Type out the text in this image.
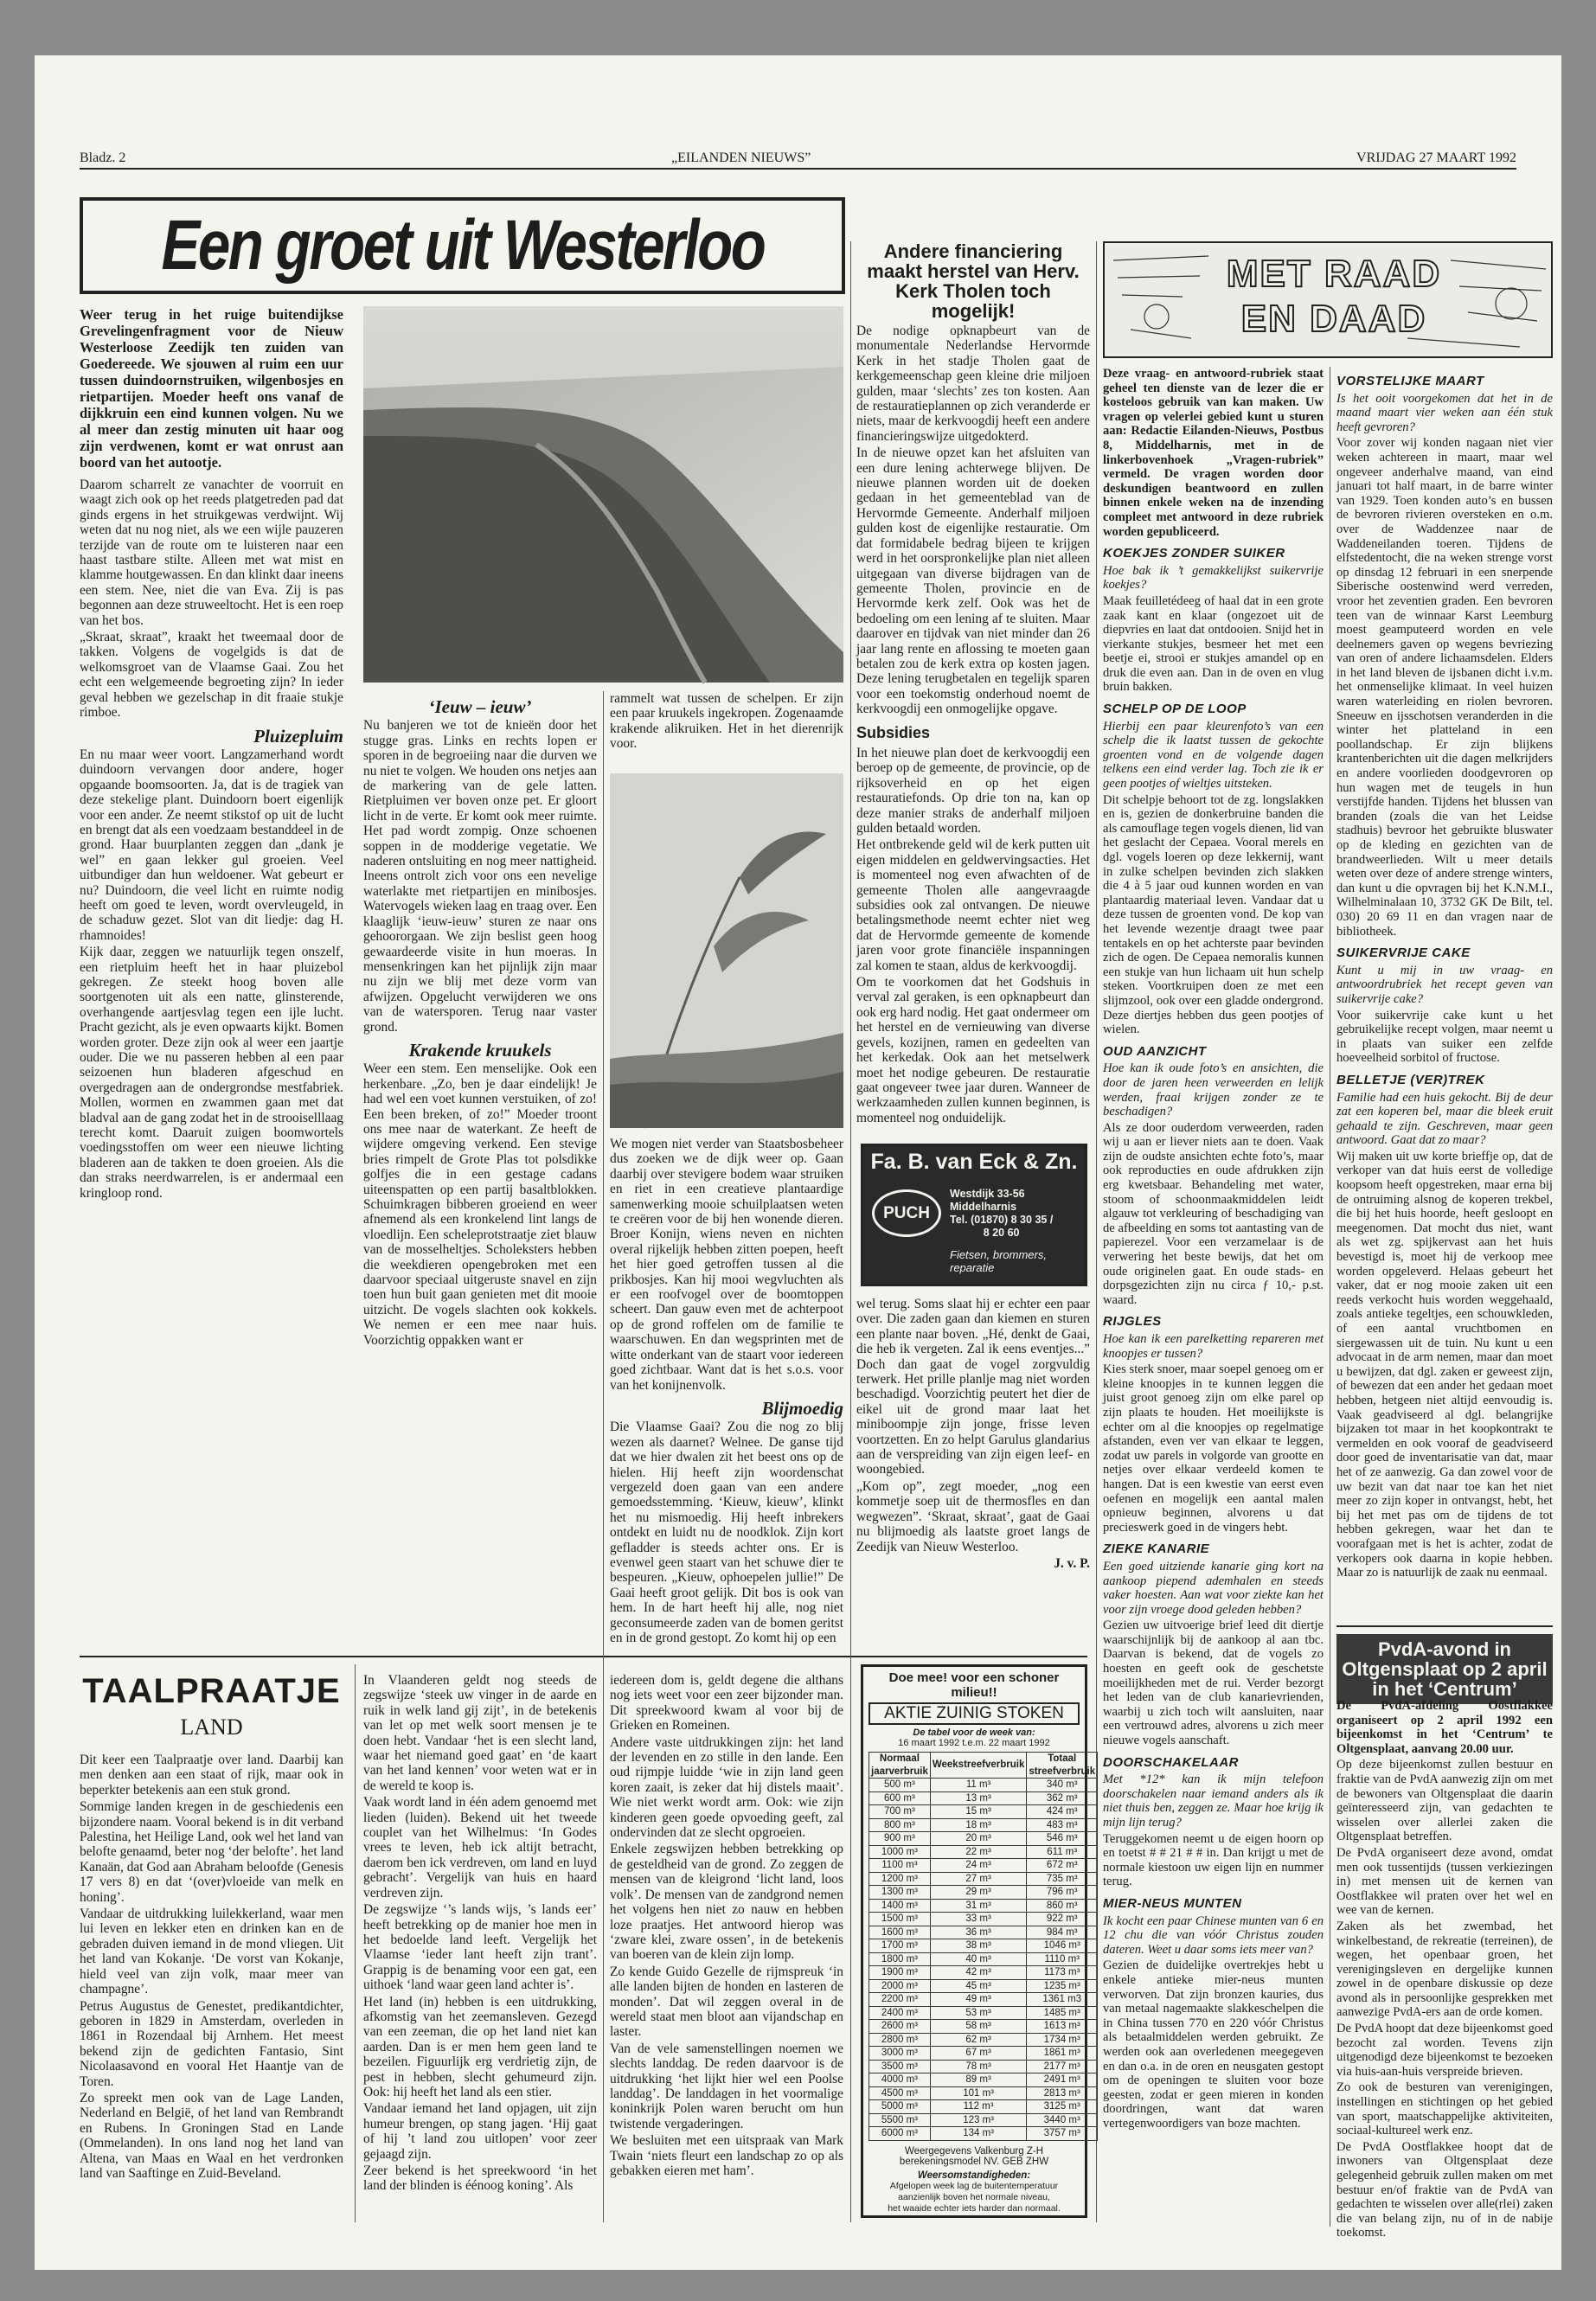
Bladz. 2	„EILANDEN NIEUWS”	VRIJDAG 27 MAART 1992
Een groet uit Westerloo

Weer terug in het ruige buitendijkse Grevelingenfragment voor de Nieuw Westerloose Zeedijk ten zuiden van Goedereede. We sjouwen al ruim een uur tussen duindoornstruiken, wilgenbosjes en rietpartijen. Moeder heeft ons vanaf de dijkkruin een eind kunnen volgen. Nu we al meer dan zestig minuten uit haar oog zijn verdwenen, komt er wat onrust aan boord van het autootje.

Daarom scharrelt ze vanachter de voorruit en waagt zich ook op het reeds platgetreden pad dat ginds ergens in het struikgewas verdwijnt. Wij weten dat nu nog niet, als we een wijle pauzeren terzijde van de route om te luisteren naar een haast tastbare stilte. Alleen met wat mist en klamme houtgewassen. En dan klinkt daar ineens een stem. Nee, niet die van Eva. Zij is pas begonnen aan deze struweeltocht. Het is een roep van het bos.

„Skraat, skraat”, kraakt het tweemaal door de takken. Volgens de vogelgids is dat de welkomsgroet van de Vlaamse Gaai. Zou het echt een welgemeende begroeting zijn? In ieder geval hebben we gezelschap in dit fraaie stukje rimboe.

Pluizepluim

En nu maar weer voort. Langzamerhand wordt duindoorn vervangen door andere, hoger opgaande boomsoorten. Ja, dat is de tragiek van deze stekelige plant. Duindoorn boert eigenlijk voor een ander. Ze neemt stikstof op uit de lucht en brengt dat als een voedzaam bestanddeel in de grond. Haar buurplanten zeggen dan „dank je wel” en gaan lekker gul groeien. Veel uitbundiger dan hun weldoener. Wat gebeurt er nu? Duindoorn, die veel licht en ruimte nodig heeft om goed te leven, wordt overvleugeld, in de schaduw gezet. Slot van dit liedje: dag H. rhamnoides!

Kijk daar, zeggen we natuurlijk tegen onszelf, een rietpluim heeft het in haar pluizebol gekregen. Ze steekt hoog boven alle soortgenoten uit als een natte, glinsterende, overhangende aartjesvlag tegen een ijle lucht. Pracht gezicht, als je even opwaarts kijkt. Bomen worden groter. Deze zijn ook al weer een jaartje ouder. Die we nu passeren hebben al een paar seizoenen hun bladeren afgeschud en overgedragen aan de ondergrondse mestfabriek. Mollen, wormen en zwammen gaan met dat bladval aan de gang zodat het in de strooiselllaag terecht komt. Daaruit zuigen boomwortels voedingsstoffen om weer een nieuwe lichting bladeren aan de takken te doen groeien. Als die dan straks neerdwarrelen, is er andermaal een kringloop rond.

‘Ieuw – ieuw’

Nu banjeren we tot de knieën door het stugge gras. Links en rechts lopen er sporen in de begroeiing naar die durven we nu niet te volgen. We houden ons netjes aan de markering van de gele latten. Rietpluimen ver boven onze pet. Er gloort licht in de verte. Er komt ook meer ruimte. Het pad wordt zompig. Onze schoenen soppen in de modderige vegetatie. We naderen ontsluiting en nog meer nattigheid. Ineens ontrolt zich voor ons een nevelige waterlakte met rietpartijen en minibosjes. Watervogels wieken laag en traag over. Een klaaglijk ‘ieuw-ieuw’ sturen ze naar ons gehoororgaan. We zijn beslist geen hoog gewaardeerde visite in hun moeras. In mensenkringen kan het pijnlijk zijn maar nu zijn we blij met deze vorm van afwijzen. Opgelucht verwijderen we ons van de watersporen. Terug naar vaster grond.

Krakende kruukels

Weer een stem. Een menselijke. Ook een herkenbare. „Zo, ben je daar eindelijk! Je had wel een voet kunnen verstuiken, of zo! Een been breken, of zo!” Moeder troont ons mee naar de waterkant. Ze heeft de wijdere omgeving verkend. Een stevige bries rimpelt de Grote Plas tot polsdikke golfjes die in een gestage cadans uiteenspatten op een partij basaltblokken. Schuimkragen bibberen groeiend en weer afnemend als een kronkelend lint langs de vloedlijn. Een scheleprotstraatje ziet blauw van de mosselheltjes. Scholeksters hebben die weekdieren opengebroken met een daarvoor speciaal uitgeruste snavel en zijn toen hun buit gaan genieten met dit mooie uitzicht. De vogels slachten ook kokkels. We nemen er een mee naar huis. Voorzichtig oppakken want er

rammelt wat tussen de schelpen. Er zijn een paar kruukels ingekropen. Zogenaamde krakende alikruiken. Het in het dierenrijk voor.

We mogen niet verder van Staatsbosbeheer dus zoeken we de dijk weer op. Gaan daarbij over stevigere bodem waar struiken en riet in een creatieve plantaardige samenwerking mooie schuilplaatsen weten te creëren voor de bij hen wonende dieren. Broer Konijn, wiens neven en nichten overal rijkelijk hebben zitten poepen, heeft het hier goed getroffen tussen al die prikbosjes. Kan hij mooi wegvluchten als er een roofvogel over de boomtoppen scheert. Dan gauw even met de achterpoot op de grond roffelen om de familie te waarschuwen. En dan wegsprinten met de witte onderkant van de staart voor iedereen goed zichtbaar. Want dat is het s.o.s. voor van het konijnenvolk.

Blijmoedig

Die Vlaamse Gaai? Zou die nog zo blij wezen als daarnet? Welnee. De ganse tijd dat we hier dwalen zit het beest ons op de hielen. Hij heeft zijn woordenschat vergezeld doen gaan van een andere gemoedsstemming. ‘Kieuw, kieuw’, klinkt het nu mismoedig. Hij heeft inbrekers ontdekt en luidt nu de noodklok. Zijn kort gefladder is steeds achter ons. Er is evenwel geen staart van het schuwe dier te bespeuren. „Kieuw, ophoepelen jullie!” De Gaai heeft groot gelijk. Dit bos is ook van hem. In de hart heeft hij alle, nog niet geconsumeerde zaden van de bomen geritst en in de grond gestopt. Zo komt hij op een

Andere financiering maakt herstel van Herv. Kerk Tholen toch mogelijk!

De nodige opknapbeurt van de monumentale Nederlandse Hervormde Kerk in het stadje Tholen gaat de kerkgemeenschap geen kleine drie miljoen gulden, maar ‘slechts’ zes ton kosten. Aan de restauratieplannen op zich veranderde er niets, maar de kerkvoogdij heeft een andere financieringswijze uitgedokterd.

In de nieuwe opzet kan het afsluiten van een dure lening achterwege blijven. De nieuwe plannen worden uit de doeken gedaan in het gemeenteblad van de Hervormde Gemeente. Anderhalf miljoen gulden kost de eigenlijke restauratie. Om dat formidabele bedrag bijeen te krijgen werd in het oorspronkelijke plan niet alleen uitgegaan van diverse bijdragen van de gemeente Tholen, provincie en de Hervormde kerk zelf. Ook was het de bedoeling om een lening af te sluiten. Maar daarover en tijdvak van niet minder dan 26 jaar lang rente en aflossing te moeten gaan betalen zou de kerk extra op kosten jagen. Deze lening terugbetalen en tegelijk sparen voor een toekomstig onderhoud noemt de kerkvoogdij een onmogelijke opgave.

Subsidies

In het nieuwe plan doet de kerkvoogdij een beroep op de gemeente, de provincie, op de rijksoverheid en op het eigen restauratiefonds. Op drie ton na, kan op deze manier straks de anderhalf miljoen gulden betaald worden.

Het ontbrekende geld wil de kerk putten uit eigen middelen en geldwervingsacties. Het is momenteel nog even afwachten of de gemeente Tholen alle aangevraagde subsidies ook zal ontvangen. De nieuwe betalingsmethode neemt echter niet weg dat de Hervormde gemeente de komende jaren voor grote financiële inspanningen zal komen te staan, aldus de kerkvoogdij.

Om te voorkomen dat het Godshuis in verval zal geraken, is een opknapbeurt dan ook erg hard nodig. Het gaat ondermeer om het herstel en de vernieuwing van diverse gevels, kozijnen, ramen en gedeelten van het kerkedak. Ook aan het metselwerk moet het nodige gebeuren. De restauratie gaat ongeveer twee jaar duren. Wanneer de werkzaamheden zullen kunnen beginnen, is momenteel nog onduidelijk.

Fa. B. van Eck & Zn.
PUCH
Westdijk 33-56
Middelharnis
Tel. (01870) 8 30 35 /
8 20 60
Fietsen, brommers,
reparatie

wel terug. Soms slaat hij er echter een paar over. Die zaden gaan dan kiemen en sturen een plante naar boven. „Hé, denkt de Gaai, die heb ik vergeten. Zal ik eens eventjes...” Doch dan gaat de vogel zorgvuldig terwerk. Het prille planlje mag niet worden beschadigd. Voorzichtig peutert het dier de eikel uit de grond maar laat het miniboompje zijn jonge, frisse leven voortzetten. En zo helpt Garulus glandarius aan de verspreiding van zijn eigen leef- en woongebied.

„Kom op”, zegt moeder, „nog een kommetje soep uit de thermosfles en dan wegwezen”. ‘Skraat, skraat’, gaat de Gaai nu blijmoedig als laatste groet langs de Zeedijk van Nieuw Westerloo.

J. v. P.

MET RAAD EN DAAD

Deze vraag- en antwoord-rubriek staat geheel ten dienste van de lezer die er kosteloos gebruik van kan maken. Uw vragen op velerlei gebied kunt u sturen aan: Redactie Eilanden-Nieuws, Postbus 8, Middelharnis, met in de linkerbovenhoek „Vragen-rubriek” vermeld. De vragen worden door deskundigen beantwoord en zullen binnen enkele weken na de inzending compleet met antwoord in deze rubriek worden gepubliceerd.

KOEKJES ZONDER SUIKER

Hoe bak ik ’t gemakkelijkst suikervrije koekjes?

Maak feuilletédeeg of haal dat in een grote zaak kant en klaar (ongezoet uit de diepvries en laat dat ontdooien. Snijd het in vierkante stukjes, besmeer het met een beetje ei, strooi er stukjes amandel op en druk die even aan. Dan in de oven en vlug bruin bakken.

SCHELP OP DE LOOP

Hierbij een paar kleurenfoto’s van een schelp die ik laatst tussen de gekochte groenten vond en de volgende dagen telkens een eind verder lag. Toch zie ik er geen pootjes of wieltjes uitsteken.

Dit schelpje behoort tot de zg. longslakken en is, gezien de donkerbruine banden die als camouflage tegen vogels dienen, lid van het geslacht der Cepaea. Vooral merels en dgl. vogels loeren op deze lekkernij, want in zulke schelpen bevinden zich slakken die 4 à 5 jaar oud kunnen worden en van plantaardig materiaal leven. Vandaar dat u deze tussen de groenten vond. De kop van het levende wezentje draagt twee paar tentakels en op het achterste paar bevinden zich de ogen. De Cepaea nemoralis kunnen een stukje van hun lichaam uit hun schelp steken. Voortkruipen doen ze met een slijmzool, ook over een gladde ondergrond. Deze diertjes hebben dus geen pootjes of wielen.

OUD AANZICHT

Hoe kan ik oude foto’s en ansichten, die door de jaren heen verweerden en lelijk werden, fraai krijgen zonder ze te beschadigen?

Als ze door ouderdom verweerden, raden wij u aan er liever niets aan te doen. Vaak zijn de oudste ansichten echte foto’s, maar ook reproducties en oude afdrukken zijn erg kwetsbaar. Behandeling met water, stoom of schoonmaakmiddelen leidt algauw tot verkleuring of beschadiging van de afbeelding en soms tot aantasting van de papierezel. Voor een verzamelaar is de verwering het beste bewijs, dat het om oude originelen gaat. En oude stads- en dorpsgezichten zijn nu circa ƒ 10,- p.st. waard.

RIJGLES

Hoe kan ik een parelketting repareren met knoopjes er tussen?

Kies sterk snoer, maar soepel genoeg om er kleine knoopjes in te kunnen leggen die juist groot genoeg zijn om elke parel op zijn plaats te houden. Het moeilijkste is echter om al die knoopjes op regelmatige afstanden, even ver van elkaar te leggen, zodat uw parels in volgorde van grootte en netjes over elkaar verdeeld komen te hangen. Dat is een kwestie van eerst even oefenen en mogelijk een aantal malen opnieuw beginnen, alvorens u dat precieswerk goed in de vingers hebt.

ZIEKE KANARIE

Een goed uitziende kanarie ging kort na aankoop piepend ademhalen en steeds vaker hoesten. Aan wat voor ziekte kan het voor zijn vroege dood geleden hebben?

Gezien uw uitvoerige brief leed dit diertje waarschijnlijk bij de aankoop al aan tbc. Daarvan is bekend, dat de vogels zo hoesten en geeft ook de geschetste moeilijkheden met de rui. Verder bezorgt het leden van de club kanarievrienden, waarbij u zich toch wilt aansluiten, naar een vertrouwd adres, alvorens u zich meer nieuwe vogels aanschaft.

DOORSCHAKELAAR

Met *12* kan ik mijn telefoon doorschakelen naar iemand anders als ik niet thuis ben, zeggen ze. Maar hoe krijg ik mijn lijn terug?

Teruggekomen neemt u de eigen hoorn op en toetst # # 21 # # in. Dan krijgt u met de normale kiestoon uw eigen lijn en nummer terug.

MIER-NEUS MUNTEN

Ik kocht een paar Chinese munten van 6 en 12 chu die van vóór Christus zouden dateren. Weet u daar soms iets meer van?

Gezien de duidelijke overtrekjes hebt u enkele antieke mier-neus munten verworven. Dat zijn bronzen kauries, dus van metaal nagemaakte slakkeschelpen die in China tussen 770 en 220 vóór Christus als betaalmiddelen werden gebruikt. Ze werden ook aan overledenen meegegeven en dan o.a. in de oren en neusgaten gestopt om de openingen te sluiten voor boze geesten, zodat er geen mieren in konden doordringen, want dat waren vertegenwoordigers van boze machten.

VORSTELIJKE MAART

Is het ooit voorgekomen dat het in de maand maart vier weken aan één stuk heeft gevroren?

Voor zover wij konden nagaan niet vier weken achtereen in maart, maar wel ongeveer anderhalve maand, van eind januari tot half maart, in de barre winter van 1929. Toen konden auto’s en bussen de bevroren rivieren oversteken en o.m. over de Waddenzee naar de Waddeneilanden toeren. Tijdens de elfstedentocht, die na weken strenge vorst op dinsdag 12 februari in een snerpende Siberische oostenwind werd verreden, vroor het zeventien graden. Een bevroren teen van de winnaar Karst Leemburg moest geamputeerd worden en vele deelnemers gaven op wegens bevriezing van oren of andere lichaamsdelen. Elders in het land bleven de ijsbanen dicht i.v.m. het onmenselijke klimaat. In veel huizen waren waterleiding en riolen bevroren. Sneeuw en ijsschotsen veranderden in die winter het platteland in een poollandschap. Er zijn blijkens krantenberichten uit die dagen melkrijders en andere voorlieden doodgevroren op hun wagen met de teugels in hun verstijfde handen. Tijdens het blussen van branden (zoals die van het Leidse stadhuis) bevroor het gebruikte bluswater op de kleding en gezichten van de brandweerlieden. Wilt u meer details weten over deze of andere strenge winters, dan kunt u die opvragen bij het K.N.M.I., Wilhelminalaan 10, 3732 GK De Bilt, tel. 030) 20 69 11 en dan vragen naar de bibliotheek.

SUIKERVRIJE CAKE

Kunt u mij in uw vraag- en antwoordrubriek het recept geven van suikervrije cake?

Voor suikervrije cake kunt u het gebruikelijke recept volgen, maar neemt u in plaats van suiker een zelfde hoeveelheid sorbitol of fructose.

BELLETJE (VER)TREK

Familie had een huis gekocht. Bij de deur zat een koperen bel, maar die bleek eruit gehaald te zijn. Geschreven, maar geen antwoord. Gaat dat zo maar?

Wij maken uit uw korte brieffje op, dat de verkoper van dat huis eerst de volledige koopsom heeft opgestreken, maar erna bij de ontruiming alsnog de koperen trekbel, die bij het huis hoorde, heeft gesloopt en meegenomen. Dat mocht dus niet, want als wet zg. spijkervast aan het huis bevestigd is, moet hij de verkoop mee worden opgeleverd. Helaas gebeurt het vaker, dat er nog mooie zaken uit een reeds verkocht huis worden weggehaald, zoals antieke tegeltjes, een schouwkleden, of een aantal vruchtbomen en siergewassen uit de tuin. Nu kunt u een advocaat in de arm nemen, maar dan moet u bewijzen, dat dgl. zaken er geweest zijn, of bewezen dat een ander het gedaan moet hebben, hetgeen niet altijd eenvoudig is. Vaak geadviseerd al dgl. belangrijke bijzaken tot maar in het koopkontrakt te vermelden en ook vooraf de geadviseerd door goed de inventarisatie van dat, maar het of ze aanwezig. Ga dan zowel voor de uw bezit van dat naar toe kan het niet meer zo zijn koper in ontvangst, hebt, het bij het met pas om de tijdens de tot hebben gekregen, waar het dan te voorafgaan met is het is achter, zodat de verkopers ook daarna in kopie hebben. Maar zo is natuurlijk de zaak nu eenmaal.

PvdA-avond in Oltgensplaat op 2 april in het ‘Centrum’

De PvdA-afdeling Oostflakkee organiseert op 2 april 1992 een bijeenkomst in het ‘Centrum’ te Oltgensplaat, aanvang 20.00 uur.

Op deze bijeenkomst zullen bestuur en fraktie van de PvdA aanwezig zijn om met de bewoners van Oltgensplaat die daarin geïnteresseerd zijn, van gedachten te wisselen over allerlei zaken die Oltgensplaat betreffen.

De PvdA organiseert deze avond, omdat men ook tussentijds (tussen verkiezingen in) met mensen uit de kernen van Oostflakkee wil praten over het wel en wee van de kernen.

Zaken als het zwembad, het winkelbestand, de rekreatie (terreinen), de wegen, het openbaar groen, het verenigingsleven en dergelijke kunnen zowel in de openbare diskussie op deze avond als in persoonlijke gesprekken met aanwezige PvdA-ers aan de orde komen.

De PvdA hoopt dat deze bijeenkomst goed bezocht zal worden. Tevens zijn uitgenodigd deze bijeenkomst te bezoeken via huis-aan-huis verspreide brieven.

Zo ook de besturen van verenigingen, instellingen en stichtingen op het gebied van sport, maatschappelijke aktiviteiten, sociaal-kultureel werk enz.

De PvdA Oostflakkee hoopt dat de inwoners van Oltgensplaat deze gelegenheid gebruik zullen maken om met bestuur en/of fraktie van de PvdA van gedachten te wisselen over alle(rlei) zaken die van belang zijn, nu of in de nabije toekomst.

TAALPRAATJE
LAND

Dit keer een Taalpraatje over land. Daarbij kan men denken aan een staat of rijk, maar ook in beperkter betekenis aan een stuk grond.

Sommige landen kregen in de geschiedenis een bijzondere naam. Vooral bekend is in dit verband Palestina, het Heilige Land, ook wel het land van belofte genaamd, beter nog ‘der belofte’. het land Kanaän, dat God aan Abraham beloofde (Genesis 17 vers 8) en dat ‘(over)vloeide van melk en honing’.

Vandaar de uitdrukking luilekkerland, waar men lui leven en lekker eten en drinken kan en de gebraden duiven iemand in de mond vliegen. Uit het land van Kokanje. ‘De vorst van Kokanje, hield veel van zijn volk, maar meer van champagne’.

Petrus Augustus de Genestet, predikantdichter, geboren in 1829 in Amsterdam, overleden in 1861 in Rozendaal bij Arnhem. Het meest bekend zijn de gedichten Fantasio, Sint Nicolaasavond en vooral Het Haantje van de Toren.

Zo spreekt men ook van de Lage Landen, Nederland en België, of het land van Rembrandt en Rubens. In Groningen Stad en Lande (Ommelanden). In ons land nog het land van Altena, van Maas en Waal en het verdronken land van Saaftinge en Zuid-Beveland.

In Vlaanderen geldt nog steeds de zegswijze ‘steek uw vinger in de aarde en ruik in welk land gij zijt’, in de betekenis van let op met welk soort mensen je te doen hebt. Vandaar ‘het is een slecht land, waar het niemand goed gaat’ en ‘de kaart van het land kennen’ voor weten wat er in de wereld te koop is.

Vaak wordt land in één adem genoemd met lieden (luiden). Bekend uit het tweede couplet van het Wilhelmus: ‘In Godes vrees te leven, heb ick altijt betracht, daerom ben ick verdreven, om land en luyd gebracht’. Vergelijk van huis en haard verdreven zijn.

De zegswijze ‘’s lands wijs, ’s lands eer’ heeft betrekking op de manier hoe men in het bedoelde land leeft. Vergelijk het Vlaamse ‘ieder lant heeft zijn trant’. Grappig is de benaming voor een gat, een uithoek ‘land waar geen land achter is’.

Het land (in) hebben is een uitdrukking, afkomstig van het zeemansleven. Gezegd van een zeeman, die op het land niet kan aarden. Dan is er men hem geen land te bezeilen. Figuurlijk erg verdrietig zijn, de pest in hebben, slecht gehumeurd zijn. Ook: hij heeft het land als een stier.

Vandaar iemand het land opjagen, uit zijn humeur brengen, op stang jagen. ‘Hij gaat of hij ’t land zou uitlopen’ voor zeer gejaagd zijn.

Zeer bekend is het spreekwoord ‘in het land der blinden is éénoog koning’. Als

iedereen dom is, geldt degene die althans nog iets weet voor een zeer bijzonder man. Dit spreekwoord kwam al voor bij de Grieken en Romeinen.

Andere vaste uitdrukkingen zijn: het land der levenden en zo stille in den lande. Een oud rijmpje luidde ‘wie in zijn land geen koren zaait, is zeker dat hij distels maait’. Wie niet werkt wordt arm. Ook: wie zijn kinderen geen goede opvoeding geeft, zal ondervinden dat ze slecht opgroeien.

Enkele zegswijzen hebben betrekking op de gesteldheid van de grond. Zo zeggen de mensen van de kleigrond ‘licht land, loos volk’. De mensen van de zandgrond nemen het volgens hen niet zo nauw en hebben loze praatjes. Het antwoord hierop was ‘zware klei, zware ossen’, in de betekenis van boeren van de klein zijn lomp.

Zo kende Guido Gezelle de rijmspreuk ‘in alle landen bijten de honden en lasteren de monden’. Dat wil zeggen overal in de wereld staat men bloot aan vijandschap en laster.

Van de vele samenstellingen noemen we slechts landdag. De reden daarvoor is de uitdrukking ‘het lijkt hier wel een Poolse landdag’. De landdagen in het voormalige koninkrijk Polen waren berucht om hun twistende vergaderingen.

We besluiten met een uitspraak van Mark Twain ‘niets fleurt een landschap zo op als gebakken eieren met ham’.

Doe mee! voor een schoner milieu!!
AKTIE ZUINIG STOKEN
De tabel voor de week van:
16 maart 1992 t.e.m. 22 maart 1992
Normaal jaarverbruik	Weekstreefverbruik	Totaal streefverbruik
500 m³	11 m³	340 m³
600 m³	13 m³	362 m³
700 m³	15 m³	424 m³
800 m³	18 m³	483 m³
900 m³	20 m³	546 m³
1000 m³	22 m³	611 m³
1100 m³	24 m³	672 m³
1200 m³	27 m³	735 m³
1300 m³	29 m³	796 m³
1400 m³	31 m³	860 m³
1500 m³	33 m³	922 m³
1600 m³	36 m³	984 m³
1700 m³	38 m³	1046 m³
1800 m³	40 m³	1110 m³
1900 m³	42 m³	1173 m³
2000 m³	45 m³	1235 m³
2200 m³	49 m³	1361 m3
2400 m³	53 m³	1485 m³
2600 m³	58 m³	1613 m³
2800 m³	62 m³	1734 m³
3000 m³	67 m³	1861 m³
3500 m³	78 m³	2177 m³
4000 m³	89 m³	2491 m³
4500 m³	101 m³	2813 m³
5000 m³	112 m³	3125 m³
5500 m³	123 m³	3440 m³
6000 m³	134 m³	3757 m³
Weergegevens Valkenburg Z-H
berekeningsmodel NV. GEB ZHW
Weersomstandigheden:
Afgelopen week lag de buitentemperatuur
aanzienlijk boven het normale niveau,
het waaide echter iets harder dan normaal.
